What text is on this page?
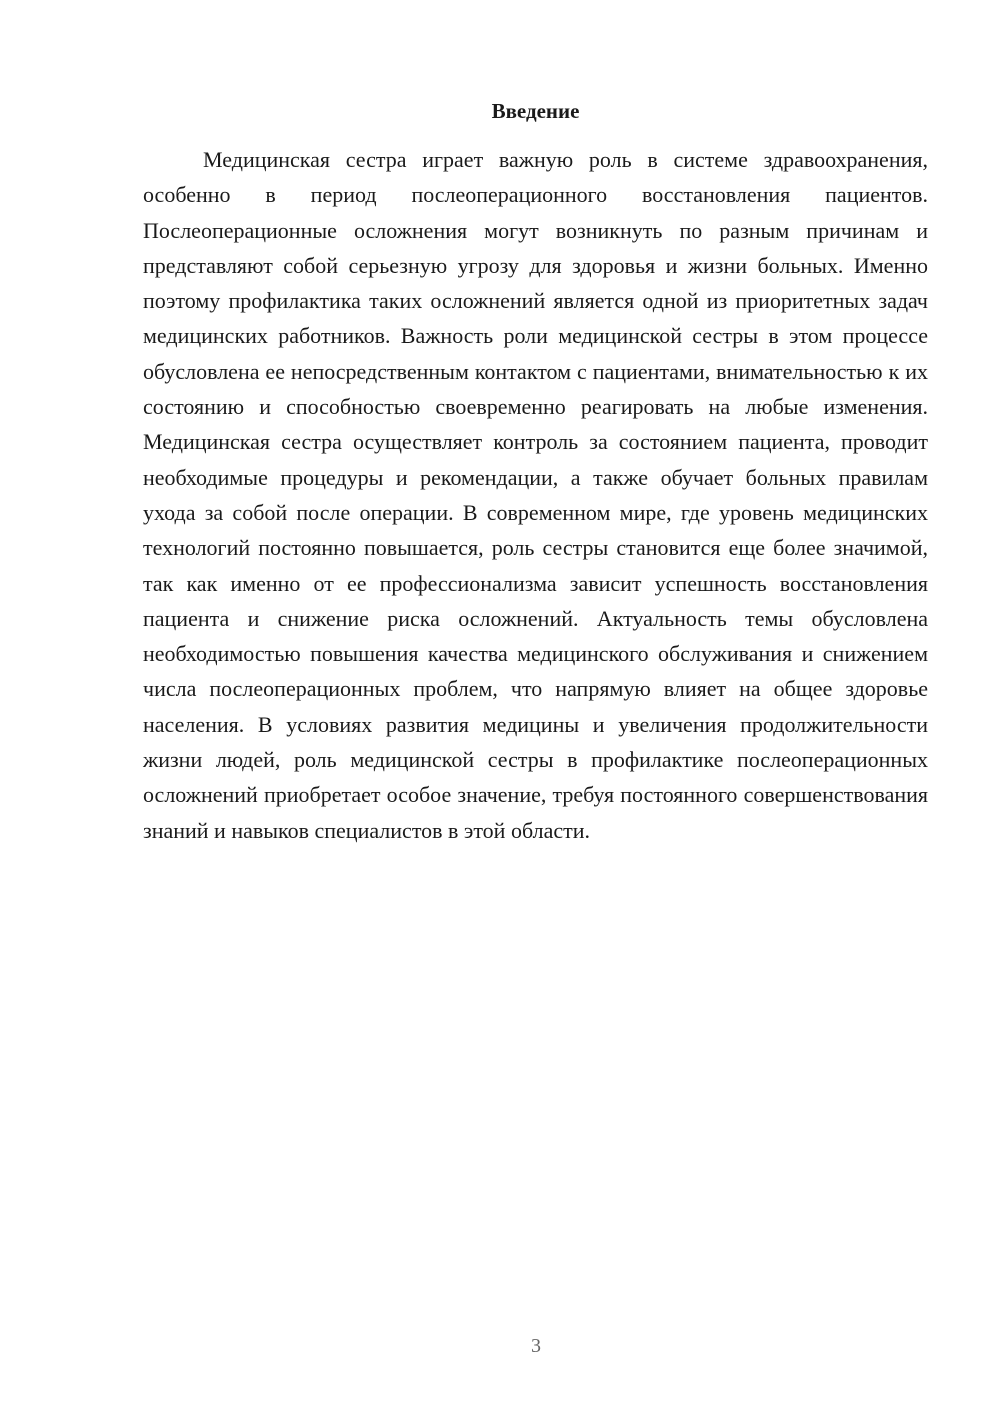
Введение

Медицинская сестра играет важную роль в системе здравоохранения, особенно в период послеоперационного восстановления пациентов. Послеоперационные осложнения могут возникнуть по разным причинам и представляют собой серьезную угрозу для здоровья и жизни больных. Именно поэтому профилактика таких осложнений является одной из приоритетных задач медицинских работников. Важность роли медицинской сестры в этом процессе обусловлена ее непосредственным контактом с пациентами, внимательностью к их состоянию и способностью своевременно реагировать на любые изменения. Медицинская сестра осуществляет контроль за состоянием пациента, проводит необходимые процедуры и рекомендации, а также обучает больных правилам ухода за собой после операции. В современном мире, где уровень медицинских технологий постоянно повышается, роль сестры становится еще более значимой, так как именно от ее профессионализма зависит успешность восстановления пациента и снижение риска осложнений. Актуальность темы обусловлена необходимостью повышения качества медицинского обслуживания и снижением числа послеоперационных проблем, что напрямую влияет на общее здоровье населения. В условиях развития медицины и увеличения продолжительности жизни людей, роль медицинской сестры в профилактике послеоперационных осложнений приобретает особое значение, требуя постоянного совершенствования знаний и навыков специалистов в этой области.

3
